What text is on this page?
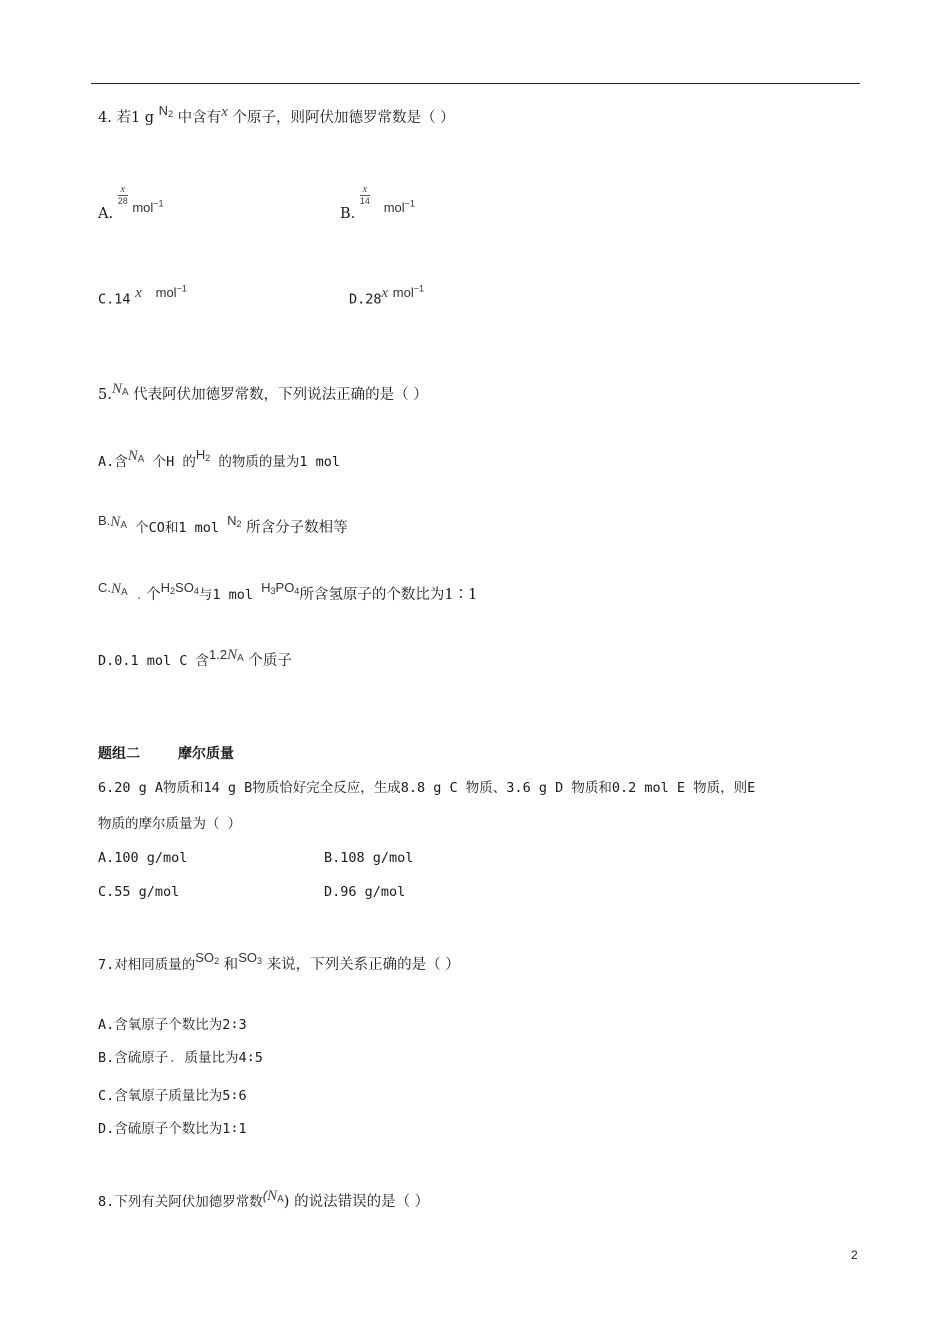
4. 若1 g $N_2$ 中含有x 个原子，则阿伏加德罗常数是（ ）
A.
$\frac{x}{28}$
mol$^{-1}$
B.
$\frac{x}{14}$
mol$^{-1}$
C.14 x mol$^{-1}$
D.28x mol$^{-1}$
$5.N_A$ 代表阿伏加德罗常数，下列说法正确的是（ ）
A.含$N_A$ 个H 的$H_2$ 的物质的量为1 mol
$B.N_A$ 个CO和1 mol $N_2$ 所含分子数相等
$C.N_A$ . 个$H_2SO_4$与1 mol $H_3PO_4$所含氢原子的个数比为1∶1
D.0.1 mol C 含$1.2N_A$ 个质子
题组二	摩尔质量
6.20 g A物质和14 g B物质恰好完全反应，生成8.8 g C 物质、3.6 g D 物质和0.2 mol E 物质，则E
物质的摩尔质量为（ ）
A.100 g/mol	B.108 g/mol
C.55 g/mol	D.96 g/mol
7.对相同质量的$SO_2$ 和$SO_3$ 来说，下列关系正确的是（ ）
A.含氧原子个数比为2∶3
B.含硫原子. 质量比为4∶5
C.含氧原子质量比为5∶6
D.含硫原子个数比为1∶1
8.下列有关阿伏加德罗常数$(N_A)$ 的说法错误的是（ ）
2
